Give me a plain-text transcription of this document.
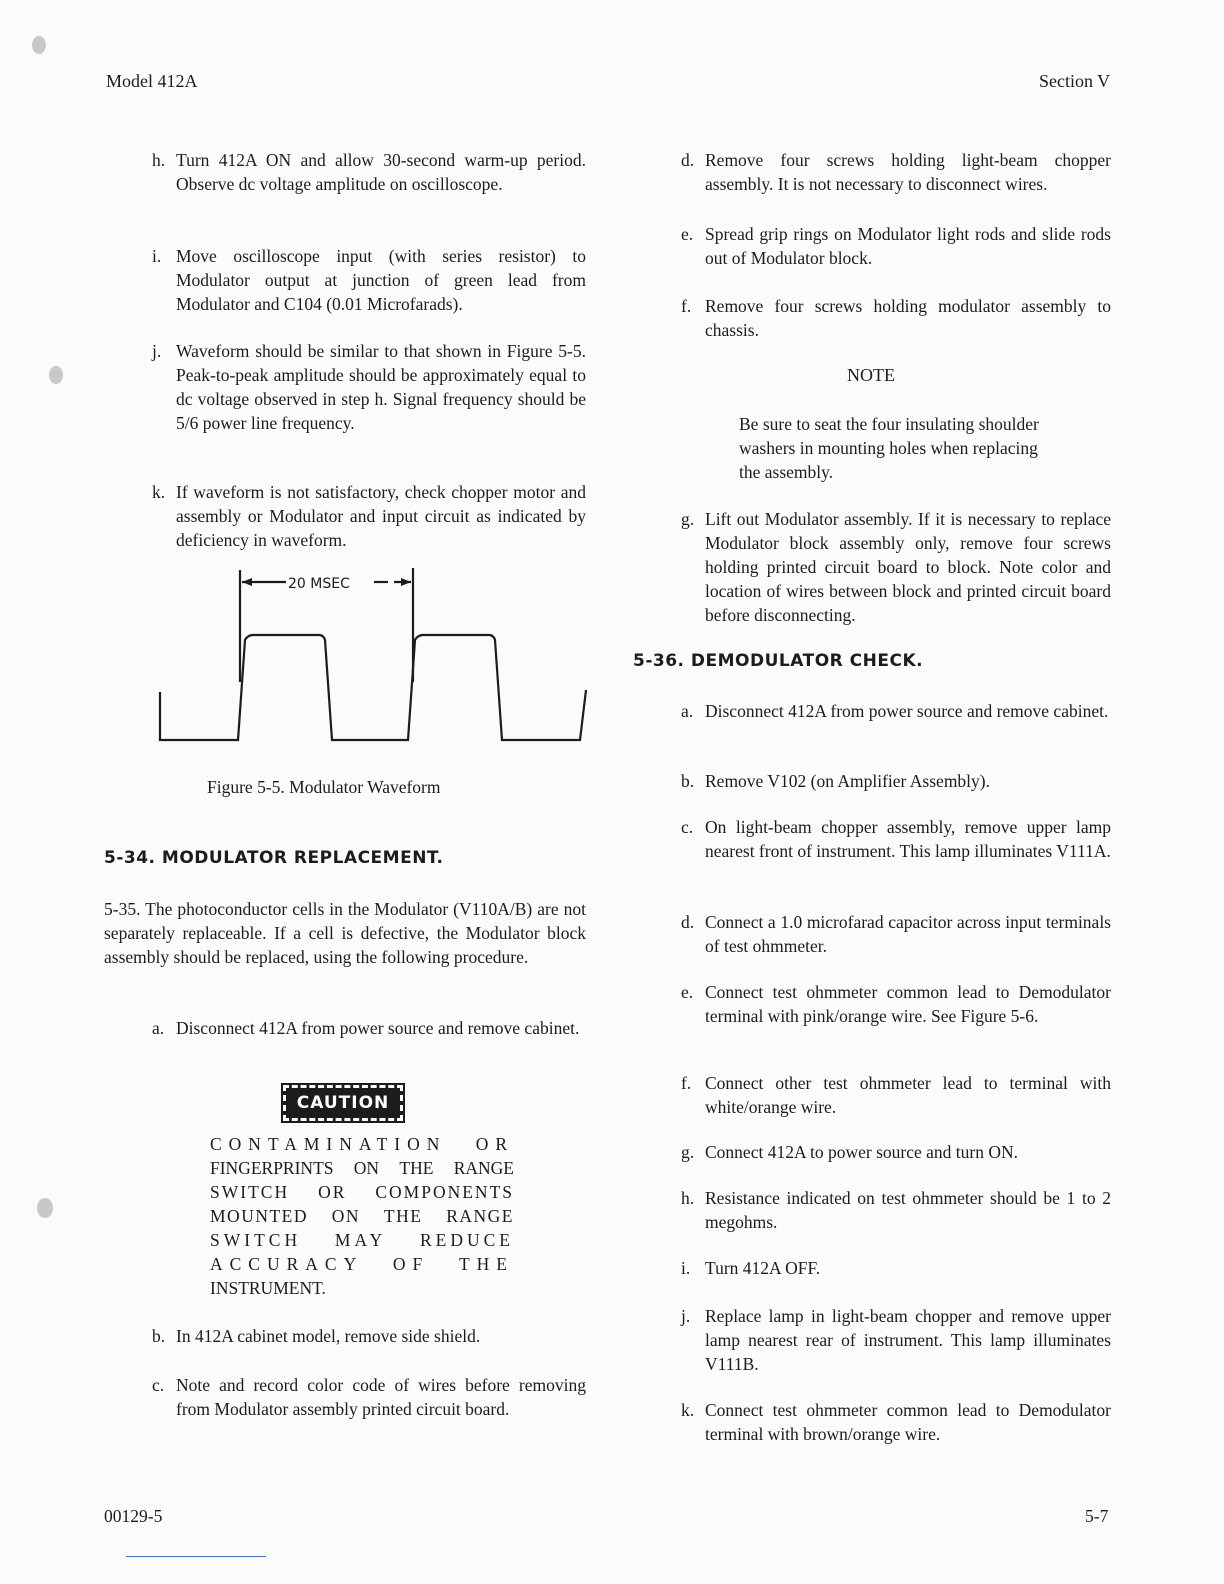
Model 412A	Section V
h. Turn 412A ON and allow 30-second warm-up period. Observe dc voltage amplitude on oscilloscope.
i. Move oscilloscope input (with series resistor) to Modulator output at junction of green lead from Modulator and C104 (0.01 Microfarads).
j. Waveform should be similar to that shown in Figure 5-5. Peak-to-peak amplitude should be approximately equal to dc voltage observed in step h. Signal frequency should be 5/6 power line frequency.
k. If waveform is not satisfactory, check chopper motor and assembly or Modulator and input circuit as indicated by deficiency in waveform.
20 MSEC
Figure 5-5. Modulator Waveform
5-34. MODULATOR REPLACEMENT.
5-35. The photoconductor cells in the Modulator (V110A/B) are not separately replaceable. If a cell is defective, the Modulator block assembly should be replaced, using the following procedure.
a. Disconnect 412A from power source and remove cabinet.
b. In 412A cabinet model, remove side shield.
c. Note and record color code of wires before removing from Modulator assembly printed circuit board.
CAUTION
CONTAMINATION OR
FINGERPRINTS ON THE RANGE
SWITCH OR COMPONENTS
MOUNTED ON THE RANGE
SWITCH MAY REDUCE
ACCURACY OF THE
INSTRUMENT.
d. Remove four screws holding light-beam chopper assembly. It is not necessary to disconnect wires.
e. Spread grip rings on Modulator light rods and slide rods out of Modulator block.
f. Remove four screws holding modulator assembly to chassis.
g. Lift out Modulator assembly. If it is necessary to replace Modulator block assembly only, remove four screws holding printed circuit board to block. Note color and location of wires between block and printed circuit board before disconnecting.
NOTE
Be sure to seat the four insulating shoulder washers in mounting holes when replacing the assembly.
5-36. DEMODULATOR CHECK.
a. Disconnect 412A from power source and remove cabinet.
b. Remove V102 (on Amplifier Assembly).
c. On light-beam chopper assembly, remove upper lamp nearest front of instrument. This lamp illuminates V111A.
d. Connect a 1.0 microfarad capacitor across input terminals of test ohmmeter.
e. Connect test ohmmeter common lead to Demodulator terminal with pink/orange wire. See Figure 5-6.
f. Connect other test ohmmeter lead to terminal with white/orange wire.
g. Connect 412A to power source and turn ON.
h. Resistance indicated on test ohmmeter should be 1 to 2 megohms.
i. Turn 412A OFF.
j. Replace lamp in light-beam chopper and remove upper lamp nearest rear of instrument. This lamp illuminates V111B.
k. Connect test ohmmeter common lead to Demodulator terminal with brown/orange wire.
00129-5	5-7
